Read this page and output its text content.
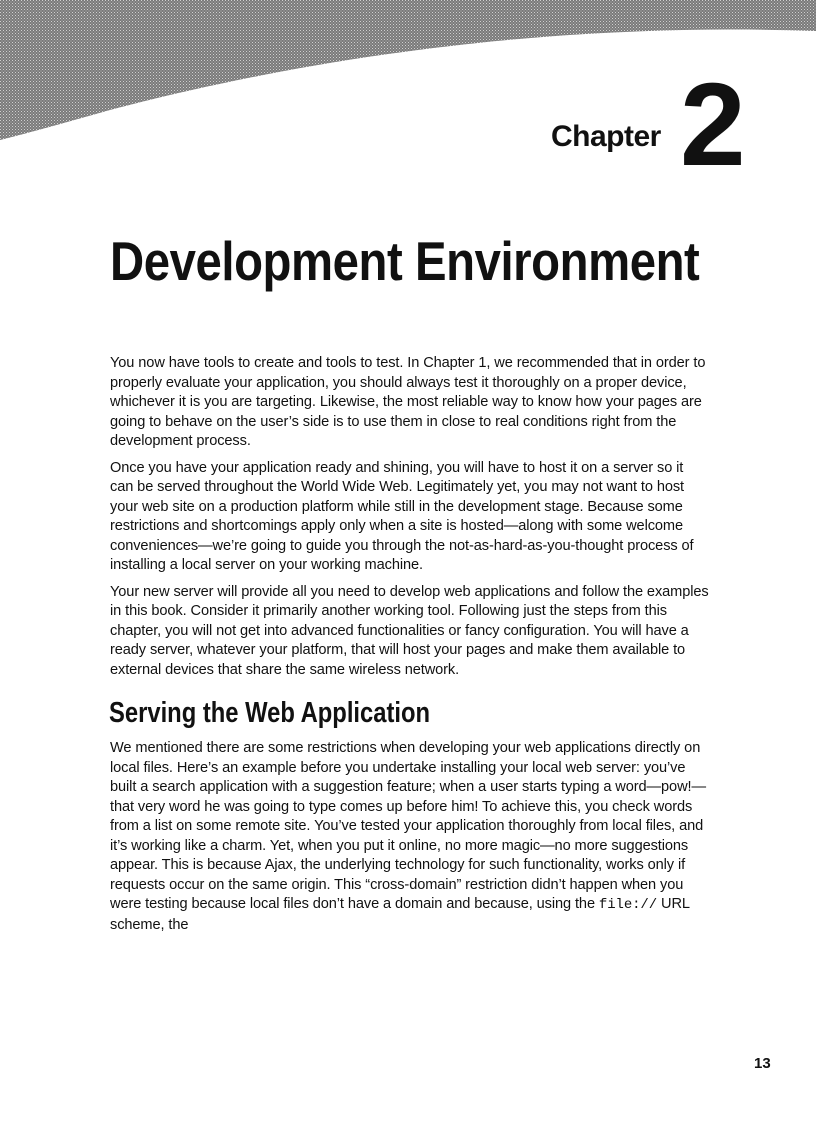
Chapter 2
Development Environment

You now have tools to create and tools to test. In Chapter 1, we recommended that in order to properly evaluate your application, you should always test it thoroughly on a proper device, whichever it is you are targeting. Likewise, the most reliable way to know how your pages are going to behave on the user’s side is to use them in close to real conditions right from the development process.

Once you have your application ready and shining, you will have to host it on a server so it can be served throughout the World Wide Web. Legitimately yet, you may not want to host your web site on a production platform while still in the development stage. Because some restrictions and shortcomings apply only when a site is hosted—along with some welcome conveniences—we’re going to guide you through the not-as-hard-as-you-thought process of installing a local server on your working machine.

Your new server will provide all you need to develop web applications and follow the examples in this book. Consider it primarily another working tool. Following just the steps from this chapter, you will not get into advanced functionalities or fancy configuration. You will have a ready server, whatever your platform, that will host your pages and make them available to external devices that share the same wireless network.

Serving the Web Application

We mentioned there are some restrictions when developing your web applications directly on local files. Here’s an example before you undertake installing your local web server: you’ve built a search application with a suggestion feature; when a user starts typing a word—pow!—that very word he was going to type comes up before him! To achieve this, you check words from a list on some remote site. You’ve tested your application thoroughly from local files, and it’s working like a charm. Yet, when you put it online, no more magic—no more suggestions appear. This is because Ajax, the underlying technology for such functionality, works only if requests occur on the same origin. This “cross-domain” restriction didn’t happen when you were testing because local files don’t have a domain and because, using the file:// URL scheme, the

13
